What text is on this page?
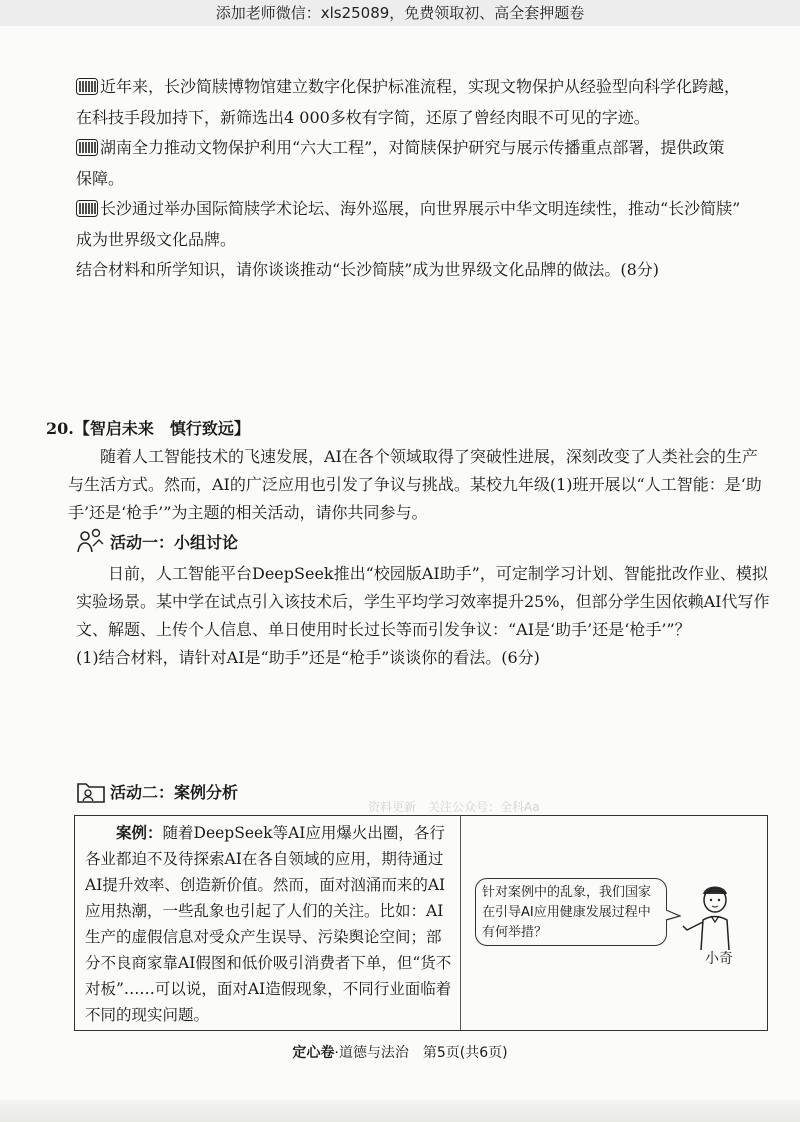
添加老师微信：xls25089，免费领取初、高全套押题卷
近年来，长沙简牍博物馆建立数字化保护标准流程，实现文物保护从经验型向科学化跨越，
在科技手段加持下，新筛选出4 000多枚有字简，还原了曾经肉眼不可见的字迹。
湖南全力推动文物保护利用“六大工程”，对简牍保护研究与展示传播重点部署，提供政策
保障。
长沙通过举办国际简牍学术论坛、海外巡展，向世界展示中华文明连续性，推动“长沙简牍”
成为世界级文化品牌。
结合材料和所学知识，请你谈谈推动“长沙简牍”成为世界级文化品牌的做法。(8分)
20.【智启未来　慎行致远】
随着人工智能技术的飞速发展，AI在各个领域取得了突破性进展，深刻改变了人类社会的生产与生活方式。然而，AI的广泛应用也引发了争议与挑战。某校九年级(1)班开展以“人工智能：是‘助手’还是‘枪手’”为主题的相关活动，请你共同参与。
活动一：小组讨论
日前，人工智能平台DeepSeek推出“校园版AI助手”，可定制学习计划、智能批改作业、模拟实验场景。某中学在试点引入该技术后，学生平均学习效率提升25%，但部分学生因依赖AI代写作文、解题、上传个人信息、单日使用时长过长等而引发争议：“AI是‘助手’还是‘枪手’”？
(1)结合材料，请针对AI是“助手”还是“枪手”谈谈你的看法。(6分)
活动二：案例分析
资料更新　关注公众号：全科Aa
案例：随着DeepSeek等AI应用爆火出圈，各行各业都迫不及待探索AI在各自领域的应用，期待通过AI提升效率、创造新价值。然而，面对汹涌而来的AI应用热潮，一些乱象也引起了人们的关注。比如：AI生产的虚假信息对受众产生误导、污染舆论空间；部分不良商家靠AI假图和低价吸引消费者下单，但“货不对板”……可以说，面对AI造假现象，不同行业面临着不同的现实问题。
针对案例中的乱象，我们国家在引导AI应用健康发展过程中有何举措？
小奇
定心卷·道德与法治　第5页(共6页)
